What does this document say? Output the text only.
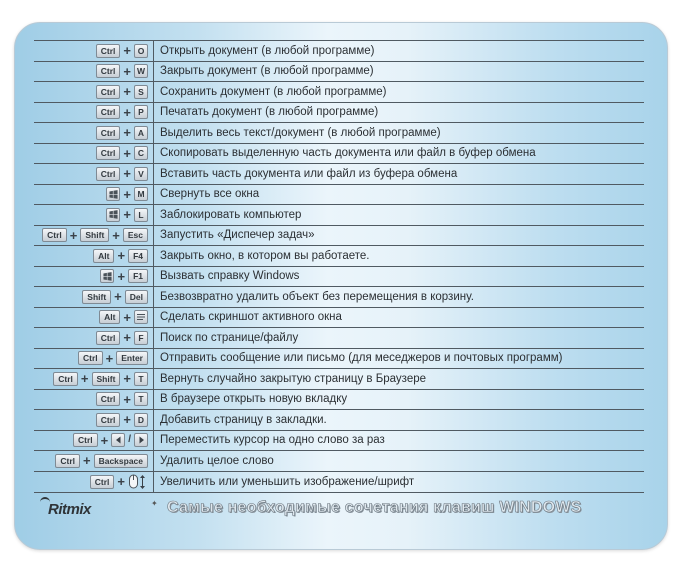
Ctrl + O	Открыть документ (в любой программе)
Ctrl + W	Закрыть документ (в любой программе)
Ctrl + S	Сохранить документ (в любой программе)
Ctrl + P	Печатать документ (в любой программе)
Ctrl + A	Выделить весь текст/документ (в любой программе)
Ctrl + C	Скопировать выделенную часть документа или файл в буфер обмена
Ctrl + V	Вставить часть документа или файл из буфера обмена
+ M	Свернуть все окна
+ L	Заблокировать компьютер
Ctrl + Shift + Esc	Запустить «Диспечер задач»
Alt + F4	Закрыть окно, в котором вы работаете.
+ F1	Вызвать справку Windows
Shift + Del	Безвозвратно удалить объект без перемещения в корзину.
Alt +	Сделать скриншот активного окна
Ctrl + F	Поиск по странице/файлу
Ctrl + Enter	Отправить сообщение или письмо (для меседжеров и почтовых программ)
Ctrl + Shift + T	Вернуть случайно закрытую страницу в Браузере
Ctrl + T	В браузере открыть новую вкладку
Ctrl + D	Добавить страницу в закладки.
Ctrl + /	Переместить курсор на одно слово за раз
Ctrl + Backspace	Удалить целое слово
Ctrl +	Увеличить или уменьшить изображение/шрифт
Ritmix	✦ Самые необходимые сочетания клавиш WINDOWS
